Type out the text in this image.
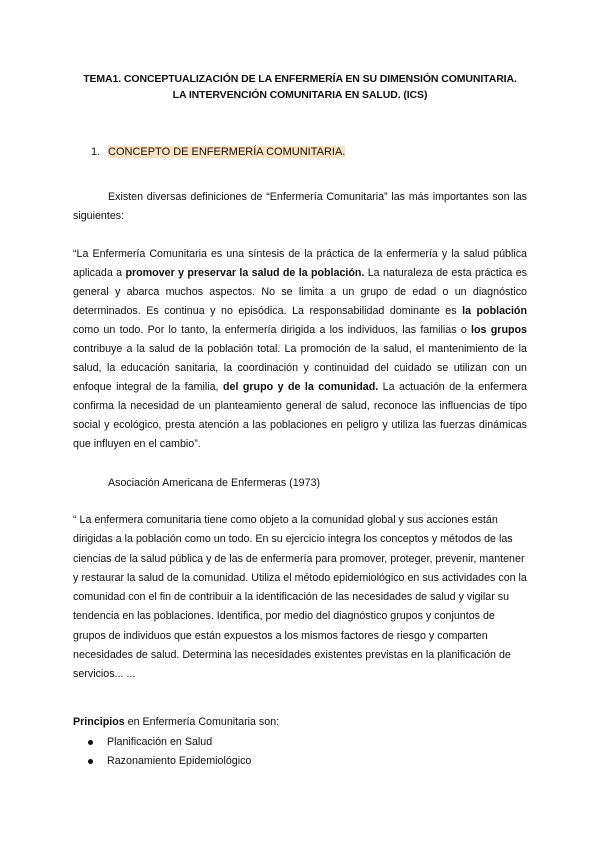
TEMA1. CONCEPTUALIZACIÓN DE LA ENFERMERÍA EN SU DIMENSIÓN COMUNITARIA. LA INTERVENCIÓN COMUNITARIA EN SALUD. (ICS)
1. CONCEPTO DE ENFERMERÍA COMUNITARIA.
Existen diversas definiciones de “Enfermería Comunitaria” las más importantes son las siguientes:
“La Enfermería Comunitaria es una síntesis de la práctica de la enfermería y la salud pública aplicada a promover y preservar la salud de la población. La naturaleza de esta práctica es general y abarca muchos aspectos. No se limita a un grupo de edad o un diagnóstico determinados. Es continua y no episódica. La responsabilidad dominante es la población como un todo. Por lo tanto, la enfermería dirigida a los individuos, las familias o los grupos contribuye a la salud de la población total. La promoción de la salud, el mantenimiento de la salud, la educación sanitaria, la coordinación y continuidad del cuidado se utilizan con un enfoque integral de la familia, del grupo y de la comunidad. La actuación de la enfermera confirma la necesidad de un planteamiento general de salud, reconoce las influencias de tipo social y ecológico, presta atención a las poblaciones en peligro y utiliza las fuerzas dinámicas que influyen en el cambio”.
Asociación Americana de Enfermeras (1973)
“ La enfermera comunitaria tiene como objeto a la comunidad global y sus acciones están dirigidas a la población como un todo. En su ejercicio integra los conceptos y métodos de las ciencias de la salud pública y de las de enfermería para promover, proteger, prevenir, mantener y restaurar la salud de la comunidad. Utiliza el método epidemiológico en sus actividades con la comunidad con el fin de contribuir a la identificación de las necesidades de salud y vigilar su tendencia en las poblaciones. Identifica, por medio del diagnóstico grupos y conjuntos de grupos de individuos que están expuestos a los mismos factores de riesgo y comparten necesidades de salud. Determina las necesidades existentes previstas en la planificación de servicios... ...
Principios en Enfermería Comunitaria son:
Planificación en Salud
Razonamiento Epidemiológico
